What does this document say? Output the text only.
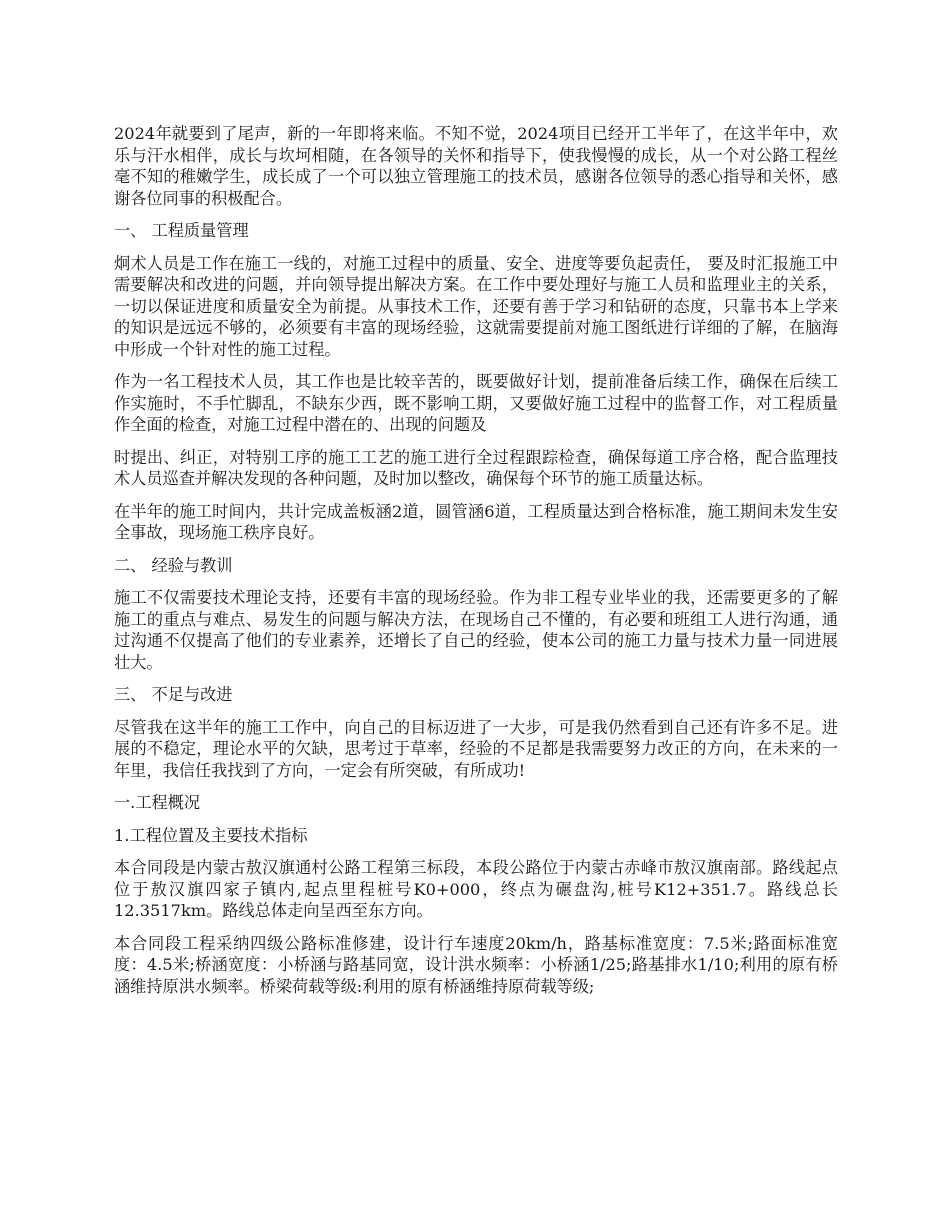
2024年就要到了尾声，新的一年即将来临。不知不觉，2024项目已经开工半年了，在这半年中，欢乐与汗水相伴，成长与坎坷相随，在各领导的关怀和指导下，使我慢慢的成长，从一个对公路工程丝毫不知的稚嫩学生，成长成了一个可以独立管理施工的技术员，感谢各位领导的悉心指导和关怀，感谢各位同事的积极配合。

一、 工程质量管理

炯术人员是工作在施工一线的，对施工过程中的质量、安全、进度等要负起责任， 要及时汇报施工中需要解决和改进的问题，并向领导提出解决方案。在工作中要处理好与施工人员和监理业主的关系，一切以保证进度和质量安全为前提。从事技术工作，还要有善于学习和钻研的态度，只靠书本上学来的知识是远远不够的，必须要有丰富的现场经验，这就需要提前对施工图纸进行详细的了解，在脑海中形成一个针对性的施工过程。

作为一名工程技术人员，其工作也是比较辛苦的，既要做好计划，提前准备后续工作，确保在后续工作实施时，不手忙脚乱，不缺东少西，既不影响工期，又要做好施工过程中的监督工作，对工程质量作全面的检查，对施工过程中潜在的、出现的问题及

时提出、纠正，对特别工序的施工工艺的施工进行全过程跟踪检查，确保每道工序合格，配合监理技术人员巡查并解决发现的各种问题，及时加以整改，确保每个环节的施工质量达标。

在半年的施工时间内，共计完成盖板涵2道，圆管涵6道，工程质量达到合格标准，施工期间未发生安全事故，现场施工秩序良好。

二、 经验与教训

施工不仅需要技术理论支持，还要有丰富的现场经验。作为非工程专业毕业的我，还需要更多的了解施工的重点与难点、易发生的问题与解决方法，在现场自己不懂的，有必要和班组工人进行沟通，通过沟通不仅提高了他们的专业素养，还增长了自己的经验，使本公司的施工力量与技术力量一同进展壮大。

三、 不足与改进

尽管我在这半年的施工工作中，向自己的目标迈进了一大步，可是我仍然看到自己还有许多不足。进展的不稳定，理论水平的欠缺，思考过于草率，经验的不足都是我需要努力改正的方向，在未来的一年里，我信任我找到了方向，一定会有所突破，有所成功!

一.工程概况

1.工程位置及主要技术指标

本合同段是内蒙古敖汉旗通村公路工程第三标段，本段公路位于内蒙古赤峰市敖汉旗南部。路线起点位于敖汉旗四家子镇内,起点里程桩号K0+000，终点为碾盘沟,桩号K12+351.7。路线总长12.3517km。路线总体走向呈西至东方向。

本合同段工程采纳四级公路标准修建，设计行车速度20km/h，路基标准宽度：7.5米;路面标准宽度：4.5米;桥涵宽度：小桥涵与路基同宽，设计洪水频率：小桥涵1/25;路基排水1/10;利用的原有桥涵维持原洪水频率。桥梁荷载等级:利用的原有桥涵维持原荷载等级;
